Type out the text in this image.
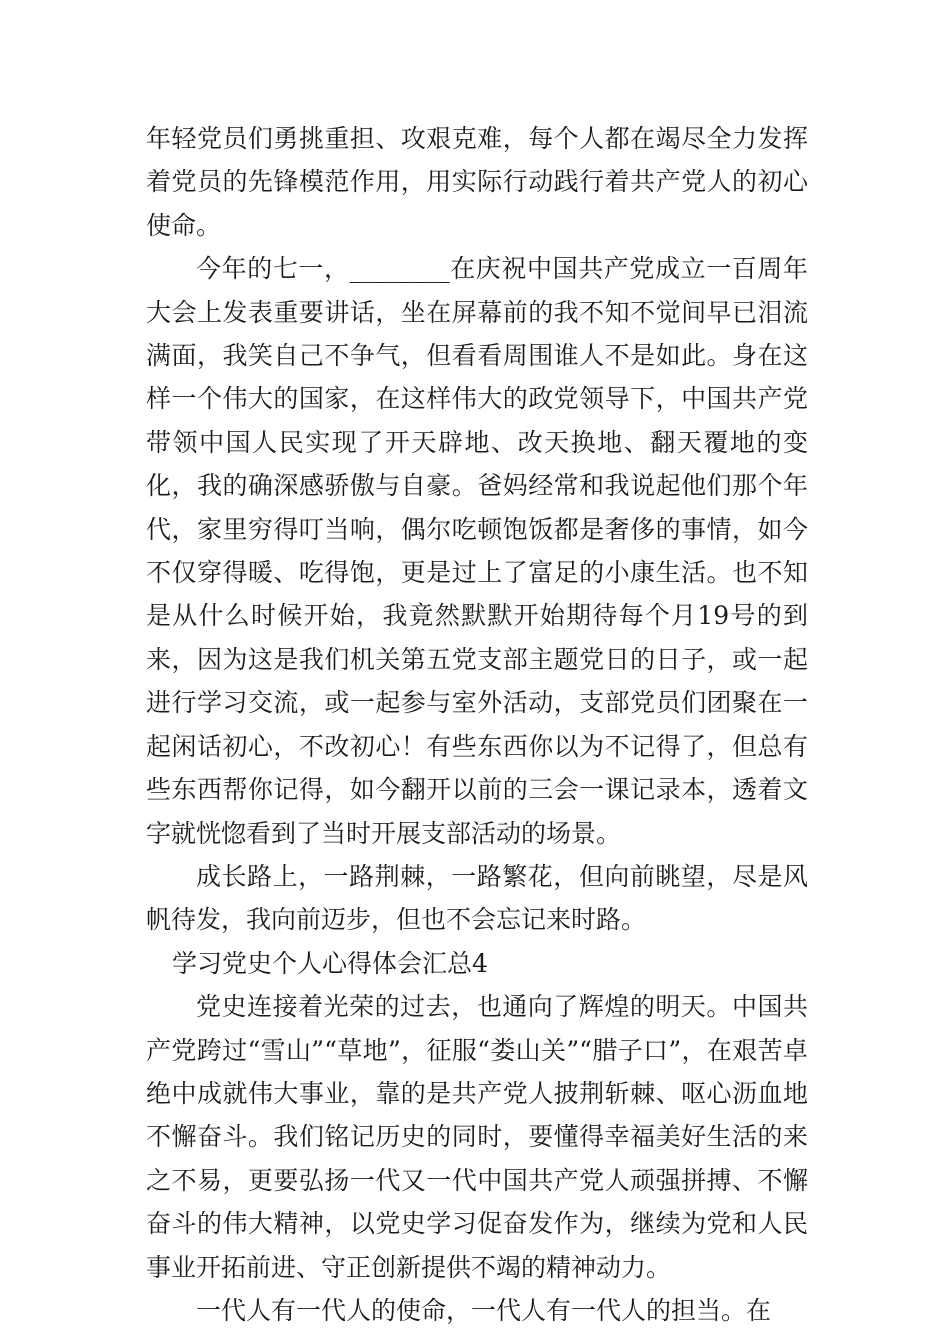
年轻党员们勇挑重担、攻艰克难，每个人都在竭尽全力发挥着党员的先锋模范作用，用实际行动践行着共产党人的初心使命。

今年的七一，________在庆祝中国共产党成立一百周年大会上发表重要讲话，坐在屏幕前的我不知不觉间早已泪流满面，我笑自己不争气，但看看周围谁人不是如此。身在这样一个伟大的国家，在这样伟大的政党领导下，中国共产党带领中国人民实现了开天辟地、改天换地、翻天覆地的变化，我的确深感骄傲与自豪。爸妈经常和我说起他们那个年代，家里穷得叮当响，偶尔吃顿饱饭都是奢侈的事情，如今不仅穿得暖、吃得饱，更是过上了富足的小康生活。也不知是从什么时候开始，我竟然默默开始期待每个月19号的到来，因为这是我们机关第五党支部主题党日的日子，或一起进行学习交流，或一起参与室外活动，支部党员们团聚在一起闲话初心，不改初心！有些东西你以为不记得了，但总有些东西帮你记得，如今翻开以前的三会一课记录本，透着文字就恍惚看到了当时开展支部活动的场景。

成长路上，一路荆棘，一路繁花，但向前眺望，尽是风帆待发，我向前迈步，但也不会忘记来时路。

学习党史个人心得体会汇总4

党史连接着光荣的过去，也通向了辉煌的明天。中国共产党跨过“雪山”“草地”，征服“娄山关”“腊子口”，在艰苦卓绝中成就伟大事业，靠的是共产党人披荆斩棘、呕心沥血地不懈奋斗。我们铭记历史的同时，要懂得幸福美好生活的来之不易，更要弘扬一代又一代中国共产党人顽强拼搏、不懈奋斗的伟大精神，以党史学习促奋发作为，继续为党和人民事业开拓前进、守正创新提供不竭的精神动力。

一代人有一代人的使命，一代人有一代人的担当。在
